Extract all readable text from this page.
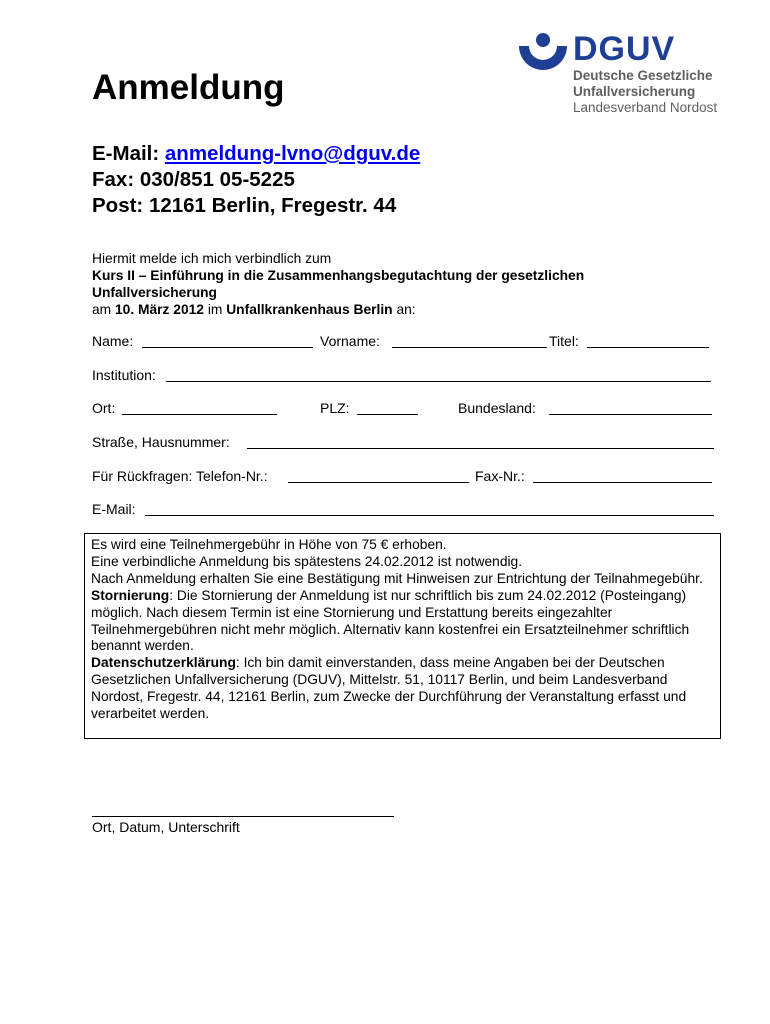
DGUV
Deutsche Gesetzliche
Unfallversicherung
Landesverband Nordost
Anmeldung
E-Mail: anmeldung-lvno@dguv.de
Fax: 030/851 05-5225
Post: 12161 Berlin, Fregestr. 44
Hiermit melde ich mich verbindlich zum
Kurs II – Einführung in die Zusammenhangsbegutachtung der gesetzlichen Unfallversicherung
am 10. März 2012 im Unfallkrankenhaus Berlin an:
Name:	Vorname:	Titel:
Institution:
Ort:	PLZ:	Bundesland:
Straße, Hausnummer:
Für Rückfragen: Telefon-Nr.:	Fax-Nr.:
E-Mail:

Es wird eine Teilnehmergebühr in Höhe von 75 € erhoben.

Eine verbindliche Anmeldung bis spätestens 24.02.2012 ist notwendig.

Nach Anmeldung erhalten Sie eine Bestätigung mit Hinweisen zur Entrichtung der Teilnahmegebühr.

Stornierung: Die Stornierung der Anmeldung ist nur schriftlich bis zum 24.02.2012 (Posteingang) möglich. Nach diesem Termin ist eine Stornierung und Erstattung bereits eingezahlter Teilnehmergebühren nicht mehr möglich. Alternativ kann kostenfrei ein Ersatzteilnehmer schriftlich benannt werden.

Datenschutzerklärung: Ich bin damit einverstanden, dass meine Angaben bei der Deutschen Gesetzlichen Unfallversicherung (DGUV), Mittelstr. 51, 10117 Berlin, und beim Landesverband Nordost, Fregestr. 44, 12161 Berlin, zum Zwecke der Durchführung der Veranstaltung erfasst und verarbeitet werden.

Ort, Datum, Unterschrift
